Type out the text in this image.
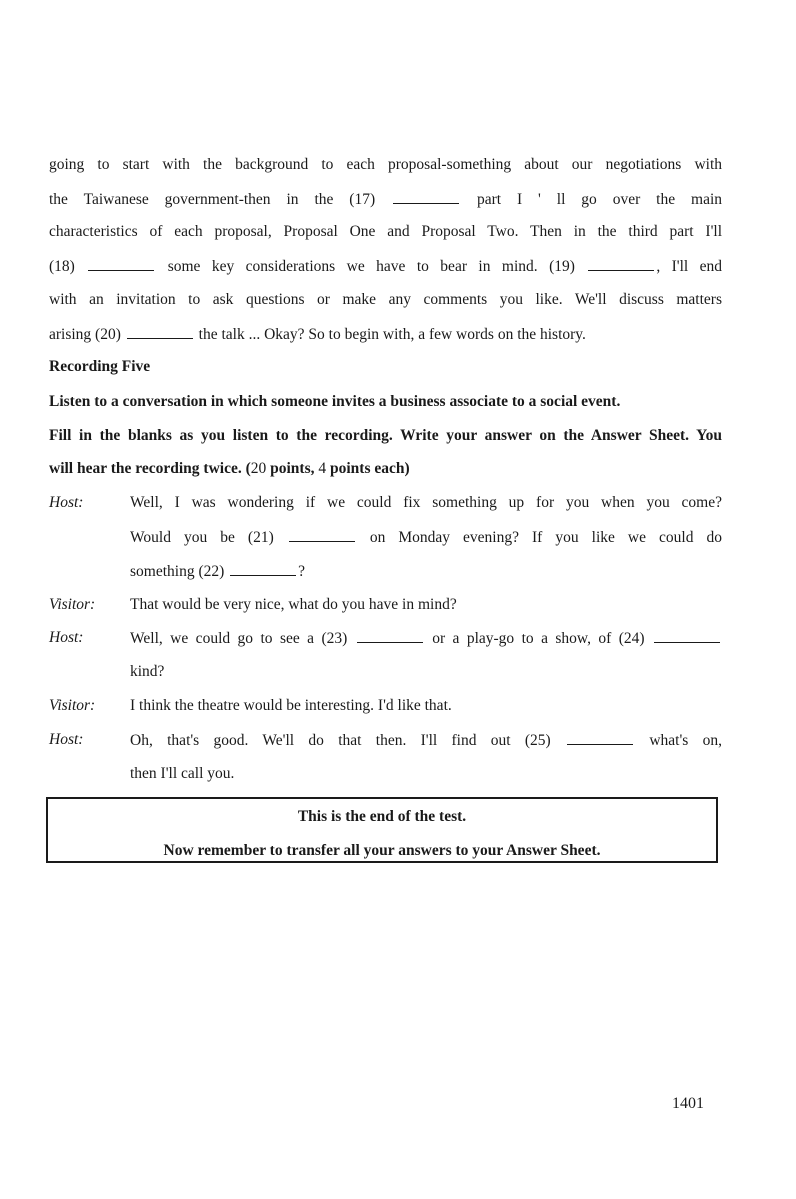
going to start with the background to each proposal-something about our negotiations with
the Taiwanese government-then in the (17)	part I ' ll go over the main
characteristics of each proposal, Proposal One and Proposal Two. Then in the third part I'll
(18)	some key considerations we have to bear in mind. (19)	, I'll end
with an invitation to ask questions or make any comments you like. We'll discuss matters
arising (20)	the talk ... Okay? So to begin with, a few words on the history.
Recording Five
Listen to a conversation in which someone invites a business associate to a social event.
Fill in the blanks as you listen to the recording. Write your answer on the Answer Sheet. You
will hear the recording twice. (20 points, 4 points each)
Host:	Well, I was wondering if we could fix something up for you when you come?
Would you be (21)	on Monday evening? If you like we could do
something (22)	?
Visitor: That would be very nice, what do you have in mind?
Host:	Well, we could go to see a (23)	or a play-go to a show, of (24)
kind?
Visitor: I think the theatre would be interesting. I'd like that.
Host:	Oh, that's good. We'll do that then. I'll find out (25)	what's on,
then I'll call you.
This is the end of the test.
Now remember to transfer all your answers to your Answer Sheet.
1401
